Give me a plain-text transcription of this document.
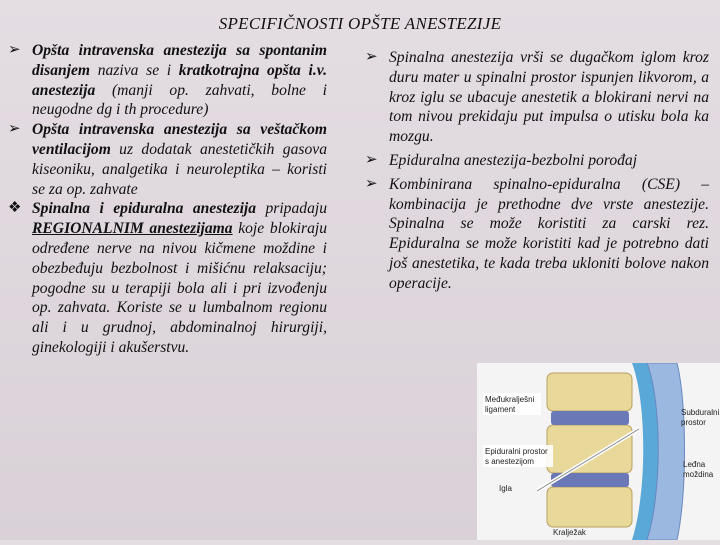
SPECIFIČNOSTI OPŠTE ANESTEZIJE

➢ Opšta intravenska anestezija sa spontanim disanjem naziva se i kratkotrajna opšta i.v. anestezija (manji op. zahvati, bolne i neugodne dg i th procedure)

➢ Opšta intravenska anestezija sa veštačkom ventilacijom uz dodatak anestetičkih gasova kiseoniku, analgetika i neuroleptika – koristi se za op. zahvate

❖ Spinalna i epiduralna anestezija pripadaju REGIONALNIM anestezijama koje blokiraju određene nerve na nivou kičmene moždine i obezbeđuju bezbolnost i mišićnu relaksaciju; pogodne su u terapiji bola ali i pri izvođenju op. zahvata. Koriste se u lumbalnom regionu ali i u grudnoj, abdominalnoj hirurgiji, ginekologiji i akušerstvu.

➢ Spinalna anestezija vrši se dugačkom iglom kroz duru mater u spinalni prostor ispunjen likvorom, a kroz iglu se ubacuje anestetik a blokirani nervi na tom nivou prekidaju put impulsa o utisku bola ka mozgu.

➢ Epiduralna anestezija-bezbolni porođaj

➢ Kombinirana spinalno-epiduralna (CSE) – kombinacija je prethodne dve vrste anestezije. Spinalna se može koristiti za carski rez. Epiduralna se može koristiti kad je potrebno dati još anestetika, te kada treba ukloniti bolove nakon operacije.

Međukralješni
ligament
Epiduralni prostor
s anestezijom
Igla
Subduralni
prostor
Leđna
moždina
Kralježak
